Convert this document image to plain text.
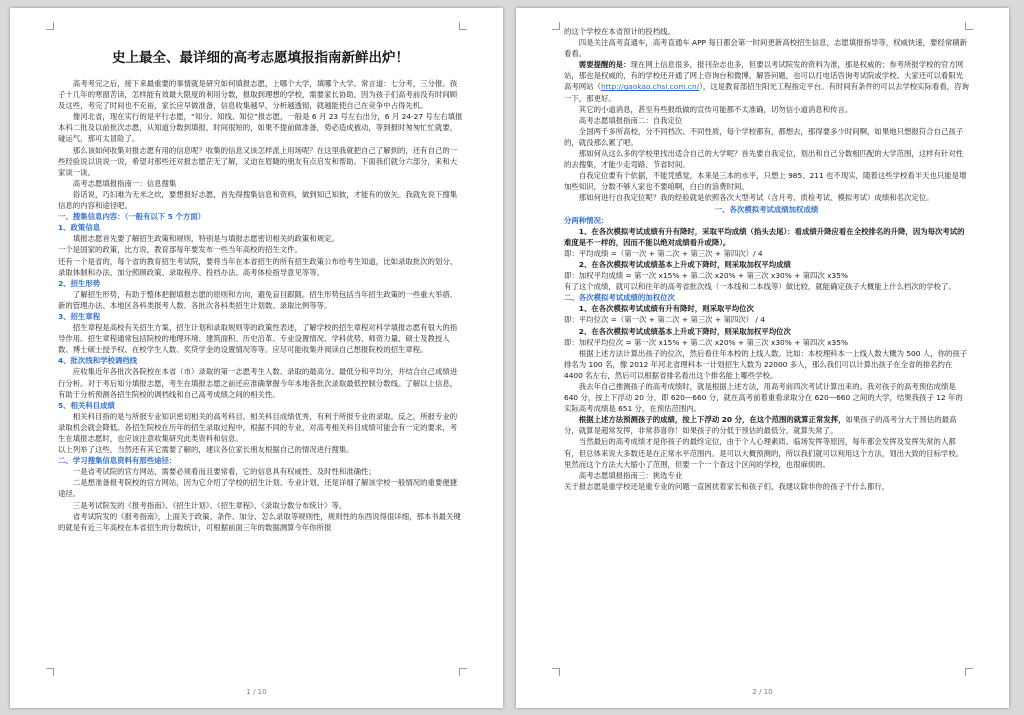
史上最全、最详细的高考志愿填报指南新鲜出炉！

高考考完之后，接下来最重要的事情就是研究如何填报志愿，上哪个大学，填哪个大学。常言道：七分考，三分报。孩子十几年的寒窗苦读，怎样能有效最大限度的利用分数，报取到理想的学校，需要家长协助，因为孩子们高考前没有时间顾及这些，考完了时间也不充裕，家长应早做准备，信息收集越早，分析越透彻，就越能使自己在竞争中占得先机。

像河北省，现在实行的是平行志愿，“知分、知线、知位”报志愿，一般是 6 月 23 号左右出分，6 月 24-27 号左右填报本科二批及以前批次志愿，从知道分数到填报，时间很短的，如果不提前做准备，势必造成被动，等到报时匆匆忙忙就要，碰运气，那可太冒险了。

那么该如何收集对报志愿有用的信息呢？收集的信息又该怎样派上用场呢？在这里我就把自己了解到的，还有自己的一些经验说以说说一说，希望对那些还对报志愿茫无了解，又迫在眉睫的朋友有点启发和帮助。下面我们就分六部分，来和大家谈一谈。

高考志愿填报指南一：信息搜集

俗话说，巧妇难为无米之炊，要想报好志愿，首先得搜集信息和资料，做到知己知彼，才能有的放矢。我就先说下搜集信息的内容和途径吧。

一、搜集信息内容：（一般有以下 5 个方面）

1、政策信息

填报志愿首先要了解招生政策和规则，特别是与填报志愿密切相关的政策和规定。

一个是国家的政策，比方说，教育部每年要发布一些当年高校的招生文件。

还有一个是省的，每个省的教育招生考试院，要将当年在本省招生的所有招生政策公布给考生知道，比如录取批次的划分、录取体制和办法、加分照顾政策、录取程序、投档办法、高考体检指导意见等等。

2、招生形势

了解招生形势，有助于整体把握填报志愿的原则和方向，避免盲目跟随。招生形势包括当年招生政策的一些重大举措、新的管理办法、本地区各科类报考人数、各批次各科类招生计划数、录取比例等等。

3、招生章程

招生章程是高校有关招生方案、招生计划和录取规则等的政策性表述，了解学校的招生章程对科学填报志愿有很大的指导作用。招生章程通常包括院校的地理环境、建筑面积、历史沿革、专业设置情况、学科优势、师资力量、硕士及教授人数、博士硕士授予权、在校学生人数、奖贷学金的设置情况等等。应尽可能收集并阅读自己想报院校的招生章程。

4、批次线和学校调档线

应收集近年各批次各院校在本省（市）录取的第一志愿考生人数、录取的最高分、最低分和平均分，并结合自己成绩进行分析。对于考后知分填报志愿，考生在填报志愿之前还应准确掌握今年本地各批次录取最低控制分数线。了解以上信息，有助于分析预测各招生院校的调档线和自己高考成绩之间的相关性。

5、相关科目成绩

相关科目指的是与所报专业知识密切相关的高考科目。相关科目成绩优秀，有利于所报专业的录取。反之，所报专业的录取机会就会降低。各招生院校在历年的招生录取过程中，根据不同的专业，对高考相关科目成绩可能会有一定的要求，考生在填报志愿时，也应该注意收集研究此类资料和信息。

以上列举了这些，当然还有其它需要了解的，建议各位家长朋友根据自己的情况进行搜集。

二、学习搜集信息资料有那些途径：

一是省考试院的官方网站，需要必须看而且要常看，它的信息具有权威性、及时性和准确性；

二是想准备报考院校的官方网站，因为它介绍了学校的招生计划、专业计划，还是详细了解该学校一般情况的重要便捷途径。

三是考试院发的《报考指南》、《招生计划》、《招生章程》、《录取分数分布统计》等。

省考试院发的《报考指南》，上面关于政策、条件、加分、怎么录取等规则性，规则性的东西说得很详细，那本书最关键的就是有近三年高校在本省招生的分数统计，可根据前面三年的数据测算今年你所报

1 / 10

的这个学校在本省预计的投档线。

四是关注高考直通车，高考直通车 APP 每日都会第一时间更新高校招生信息，志愿填报指导等，权威快速，要经常刷新看看。

需要提醒的是：现在网上信息很多，报刊杂志也多，但要以考试院发的资料为准，那是权威的；参考所报学校的官方网站，那也是权威的，有的学校还开通了网上咨询台和微博，解答问题，也可以打电话咨询考试院或学校。大家还可以看阳光高考网站（http://gaokao.chsi.com.cn/），这是教育部招生阳光工程指定平台。有时间有条件的可以去学校实际看看，咨询一下，那更好。

其它的小道消息，甚至有些报纸做的宣传可能都不太准确，切勿信小道消息和传言。

高考志愿填报指南二：自我定位

全国两千多所高校，分不同档次、不同性质，每个学校都有，都想去，那得要多少时间啊，如果地只想报符合自己孩子的，就没那么累了吧。

那如何从这么多的学校里找出适合自己的大学呢？首先要自我定位，划出和自己分数相匹配的大学范围，这样有针对性的去搜集，才能少走弯路、节省时间。

自我定位要有个依据，不能凭感觉，本来是三本的水平，只想上 985、211 也不现实，随着这些学校看半天也只能是增加些知识，分数不够人家也不要咱啊，白白的浪费时间。

那如何进行自我定位呢？我的经验就是依照各次大型考试（含月考、质检考试、模拟考试）成绩和名次定位。

一、各次模拟考试成绩加权成绩

分两种情况：

1、在各次模拟考试成绩有升有降时，采取平均成绩（掐头去尾）：看成绩升降应看在全校排名的升降，因为每次考试的难度是不一样的，因而不能以绝对成绩看升或降）。

即：平均成绩 =（第一次 + 第二次 + 第三次 + 第四次）/ 4

2、在各次模拟考试成绩基本上升或下降时，则采取加权平均成绩

即：加权平均成绩 = 第一次 x15% + 第二次 x20% + 第三次 x30% + 第四次 x35%

有了这个成绩，就可以和往年的高考省批次线（一本线和二本线等）做比较，就能确定孩子大概能上什么档次的学校了。

二、各次模拟考试成绩的加权位次

1、在各次模拟考试成绩有升有降时，则采取平均位次

即：平均位次 =（第一次 + 第二次 + 第三次 + 第四次） / 4

2、在各次模拟考试成绩基本上升或下降时，则采取加权平均位次

即：加权平均位次 = 第一次 x15% + 第二次 x20% + 第三次 x30% + 第四次 x35%

根据上述方法计算出孩子的位次，然后看往年本校的上线人数。比如：本校理科本一上线人数大概为 500 人，你的孩子排名为 100 名，像 2012 年河北省理科本一计划招生人数为 22000 多人，那么我们可以计算出孩子在全省的排名约在 4400 名左右，然后可以根据省排名看出这个排名能上哪些学校。

我去年自己推测孩子的高考成绩时，就是根据上述方法，用高考前四次考试计算出来的。我对孩子的高考预估成绩是 640 分，按上下浮动 20 分，即 620—660 分，就在高考前着重看录取分在 620—660 之间的大学，结果我孩子 12 年的实际高考成绩是 651 分，在预估范围内。

根据上述方法预测孩子的成绩，按上下浮动 20 分，在这个范围的就算正常发挥，如果孩子的高考分大于预估的最高分，就算是超常发挥，非常恭喜你！如果孩子的分低于预估的最低分，就算失常了。

当然最后的高考成绩才是你孩子的最终定位，由于个人心理素质、临场发挥等原因，每年都会发挥及发挥失常的人都有，但总体来说大多数还是在正常水平范围内。是可以大概预测的，所以我们就可以利用这个方法，划出大致的目标学校。

里然而这个方法大大缩小了范围，但要一个一个查这个区间的学校，也很麻烦的。

高考志愿填报指南三：挑选专业

关于报志愿是重学校还是重专业的问题一直困扰着家长和孩子们，我建议除非你的孩子干什么都行，

2 / 10
